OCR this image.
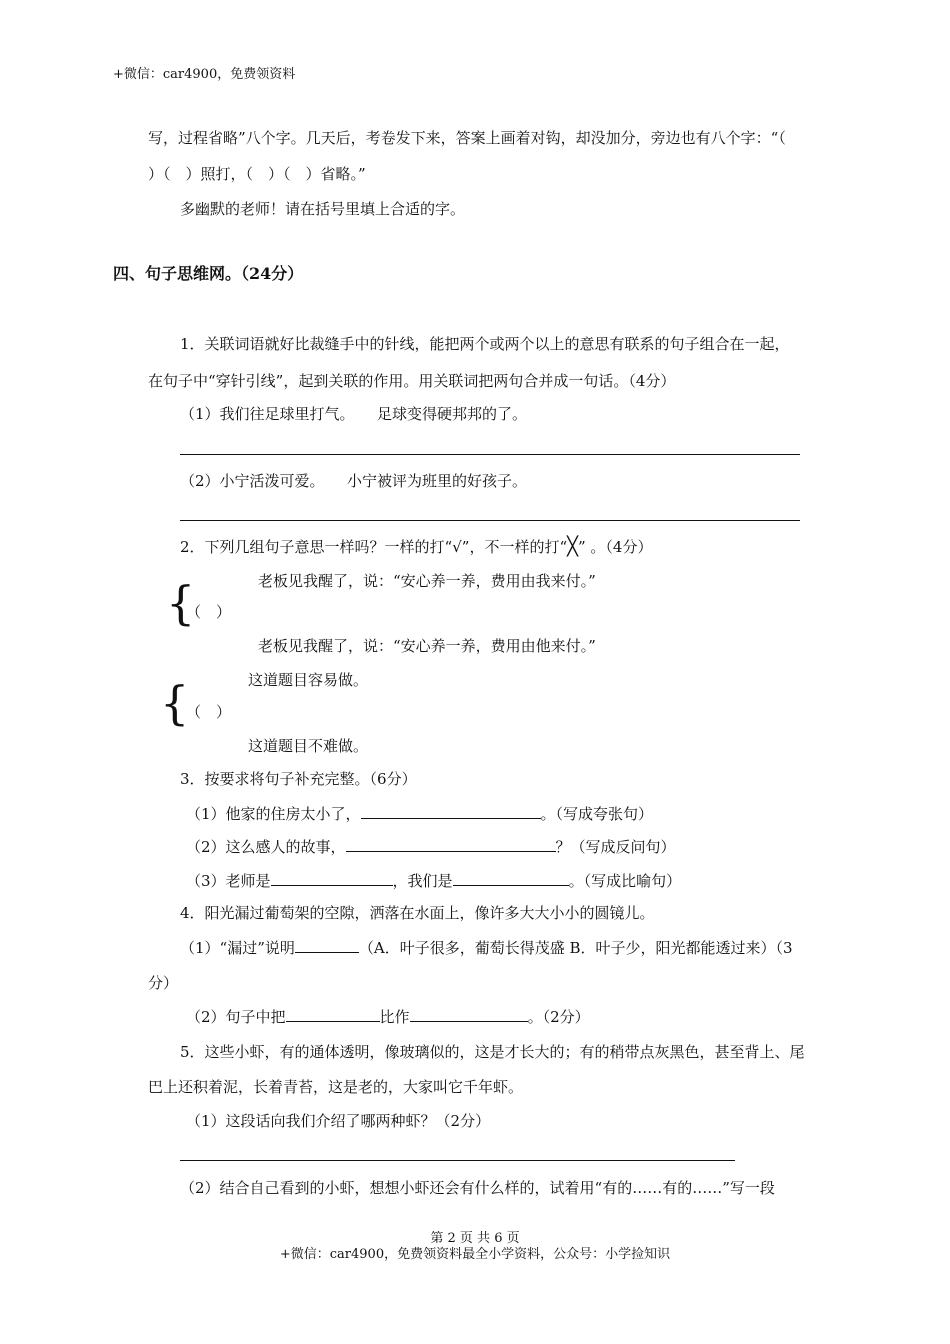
+微信：car4900，免费领资料
写，过程省略”八个字。几天后，考卷发下来，答案上画着对钩，却没加分，旁边也有八个字：“（
）（　）照打，（　）（　）省略。”
多幽默的老师！请在括号里填上合适的字。
四、句子思维网。（24分）
1．关联词语就好比裁缝手中的针线，能把两个或两个以上的意思有联系的句子组合在一起，
在句子中“穿针引线”，起到关联的作用。用关联词把两句合并成一句话。（4分）
（1）我们往足球里打气。　　足球变得硬邦邦的了。
（2）小宁活泼可爱。　　小宁被评为班里的好孩子。
2．下列几组句子意思一样吗？一样的打“√”，不一样的打“╳” 。（4分）
老板见我醒了，说：“安心养一养，费用由我来付。”
{
（　）
老板见我醒了，说：“安心养一养，费用由他来付。”
这道题目容易做。
{
（　）
这道题目不难做。
3．按要求将句子补充完整。（6分）
（1）他家的住房太小了，	。（写成夸张句）
（2）这么感人的故事，	？（写成反问句）
（3）老师是	，我们是	。（写成比喻句）
4．阳光漏过葡萄架的空隙，洒落在水面上，像许多大大小小的圆镜儿。
（1）“漏过”说明	（A．叶子很多，葡萄长得茂盛 B．叶子少，阳光都能透过来）（3
分）
（2）句子中把	比作	。（2分）
5．这些小虾，有的通体透明，像玻璃似的，这是才长大的；有的稍带点灰黑色，甚至背上、尾
巴上还积着泥，长着青苔，这是老的，大家叫它千年虾。
（1）这段话向我们介绍了哪两种虾？（2分）
（2）结合自己看到的小虾，想想小虾还会有什么样的，试着用“有的……有的……”写一段
第 2 页 共 6 页
+微信：car4900，免费领资料最全小学资料，公众号：小学捡知识
